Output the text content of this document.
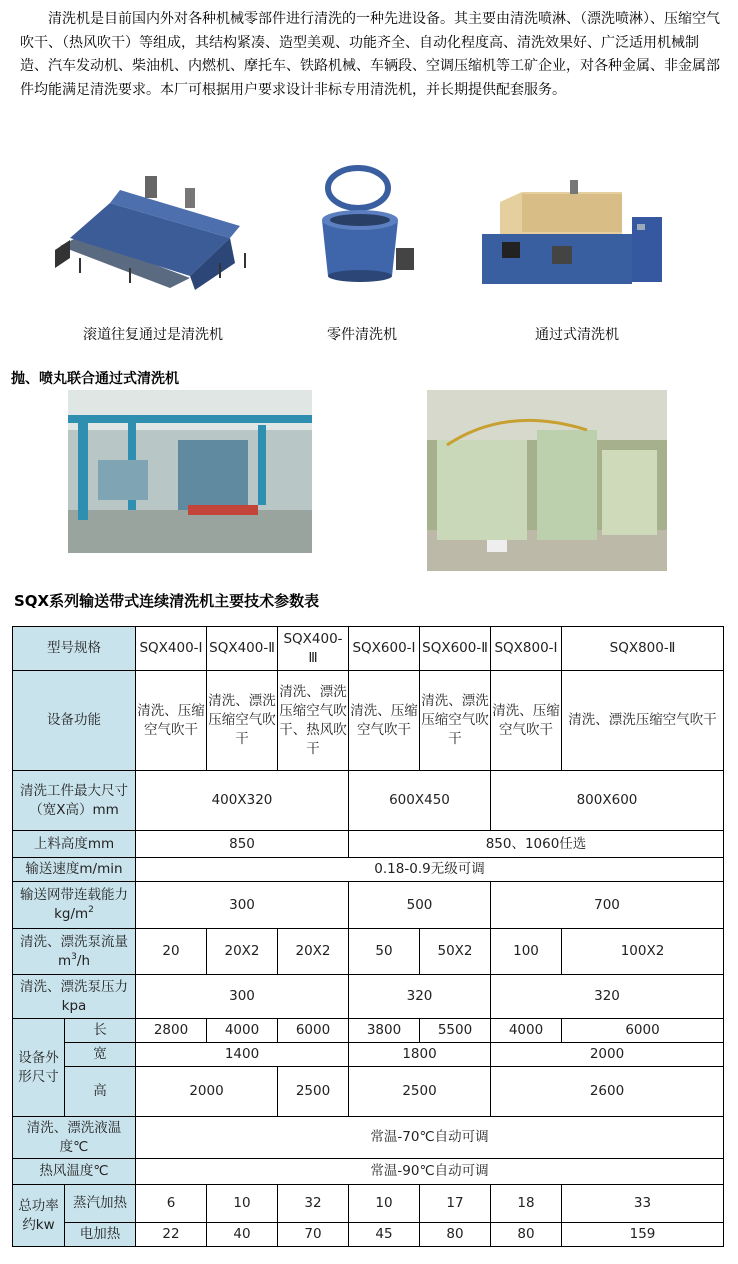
清洗机是目前国内外对各种机械零部件进行清洗的一种先进设备。其主要由清洗喷淋、（漂洗喷淋）、压缩空气吹干、（热风吹干）等组成，其结构紧凑、造型美观、功能齐全、自动化程度高、清洗效果好、广泛适用机械制造、汽车发动机、柴油机、内燃机、摩托车、铁路机械、车辆段、空调压缩机等工矿企业，对各种金属、非金属部件均能满足清洗要求。本厂可根据用户要求设计非标专用清洗机，并长期提供配套服务。
滚道往复通过是清洗机	零件清洗机	通过式清洗机
抛、喷丸联合通过式清洗机
SQX系列输送带式连续清洗机主要技术参数表
型号规格		SQX400-Ⅰ	SQX400-Ⅱ	SQX400-Ⅲ	SQX600-Ⅰ	SQX600-Ⅱ	SQX800-Ⅰ	SQX800-Ⅱ
设备功能		清洗、压缩空气吹干	清洗、漂洗压缩空气吹干	清洗、漂洗压缩空气吹干、热风吹干	清洗、压缩空气吹干	清洗、漂洗压缩空气吹干	清洗、压缩空气吹干	清洗、漂洗压缩空气吹干
清洗工件最大尺寸（宽X高）mm		400X320			600X450		800X600	
上料高度mm		850			850、1060任选			
输送速度m/min		0.18-0.9无级可调						
输送网带连载能力$kg/m^2$		300			500		700	
清洗、漂洗泵流量$m^3/h$		20	20X2	20X2	50	50X2	100	100X2
清洗、漂洗泵压力kpa		300			320		320	
设备外形尺寸	长	2800	4000	6000	3800	5500	4000	6000
	宽	1400			1800		2000	
	高	2000		2500	2500		2600	
清洗、漂洗液温度℃		常温-70℃自动可调						
热风温度℃		常温-90℃自动可调						
总功率约kw	蒸汽加热	6	10	32	10	17	18	33
	电加热	22	40	70	45	80	80	159
